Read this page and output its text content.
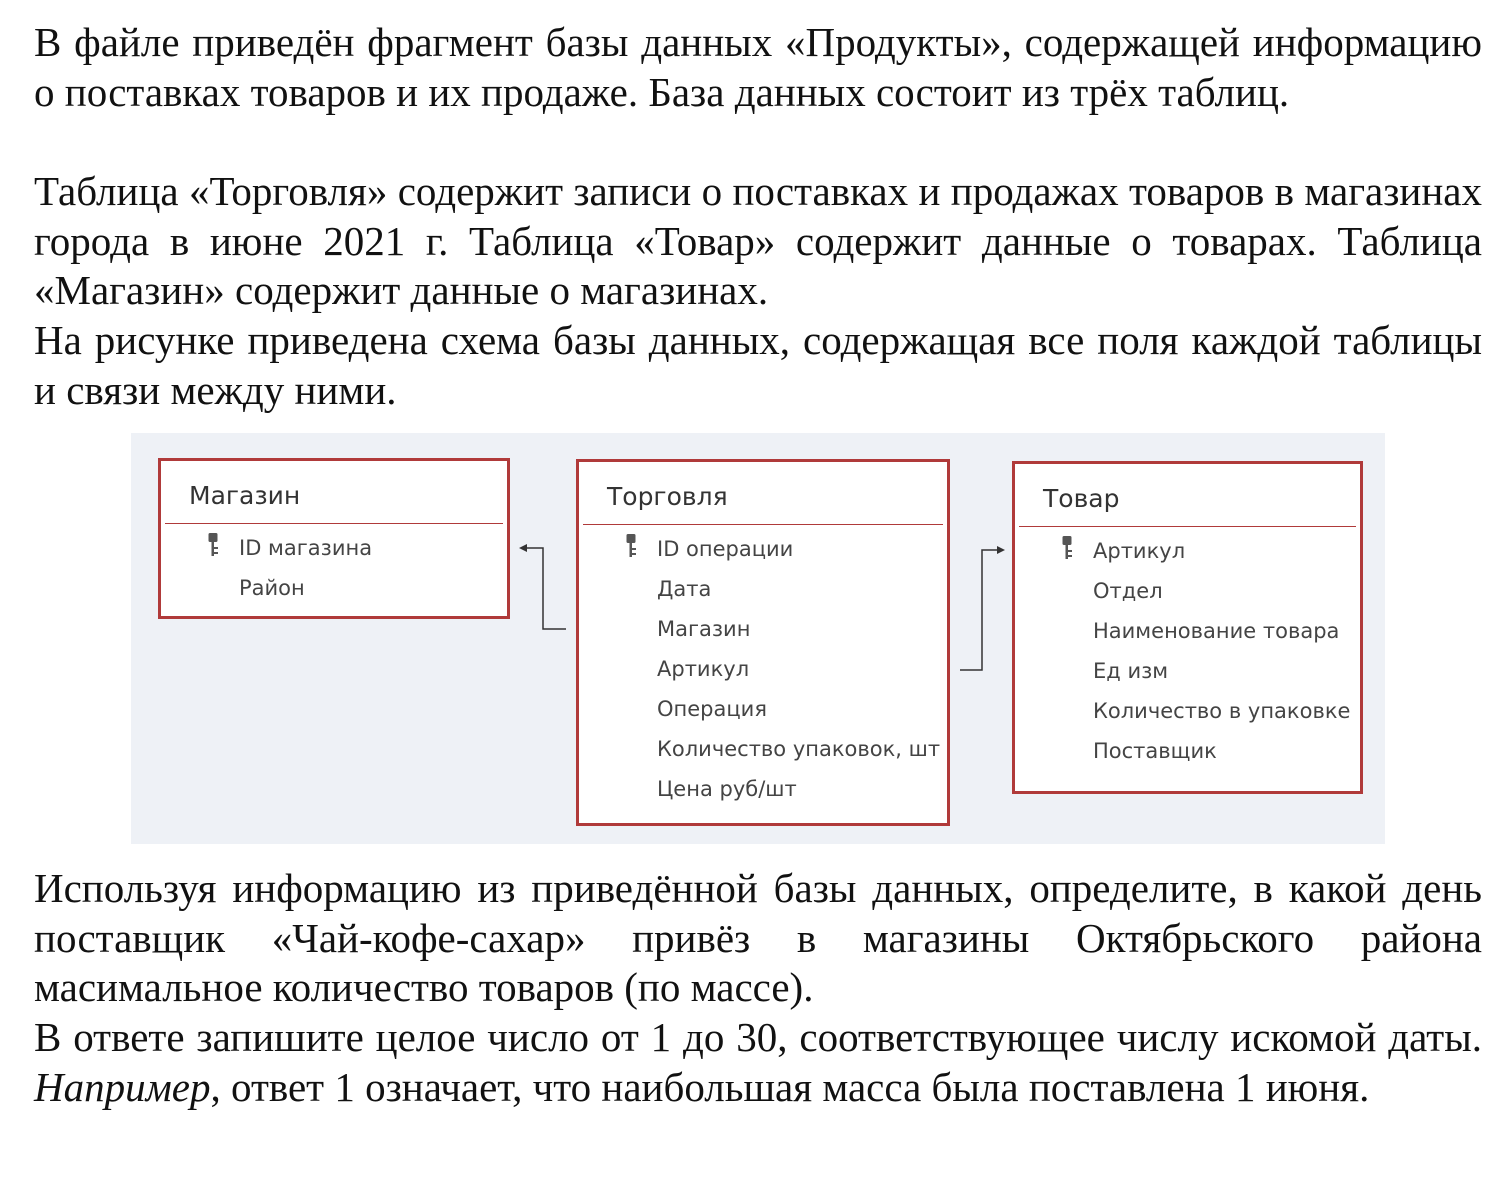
В файле приведён фрагмент базы данных «Продукты», содержащей информацию о поставках товаров и их продаже. База данных состоит из трёх таблиц.

Таблица «Торговля» содержит записи о поставках и продажах товаров в магазинах города в июне 2021 г. Таблица «Товар» содержит данные о товарах. Таблица «Магазин» содержит данные о магазинах.

На рисунке приведена схема базы данных, содержащая все поля каждой таблицы и связи между ними.

Магазин
ID магазина
Район
Торговля
ID операции
Дата
Магазин
Артикул
Операция
Количество упаковок, шт
Цена руб/шт
Товар
Артикул
Отдел
Наименование товара
Ед изм
Количество в упаковке
Поставщик

Используя информацию из приведённой базы данных, определите, в какой день поставщик «Чай-кофе-сахар» привёз в магазины Октябрьского района масимальное количество товаров (по массе).

В ответе запишите целое число от 1 до 30, соответствующее числу искомой даты. Например, ответ 1 означает, что наибольшая масса была поставлена 1 июня.
